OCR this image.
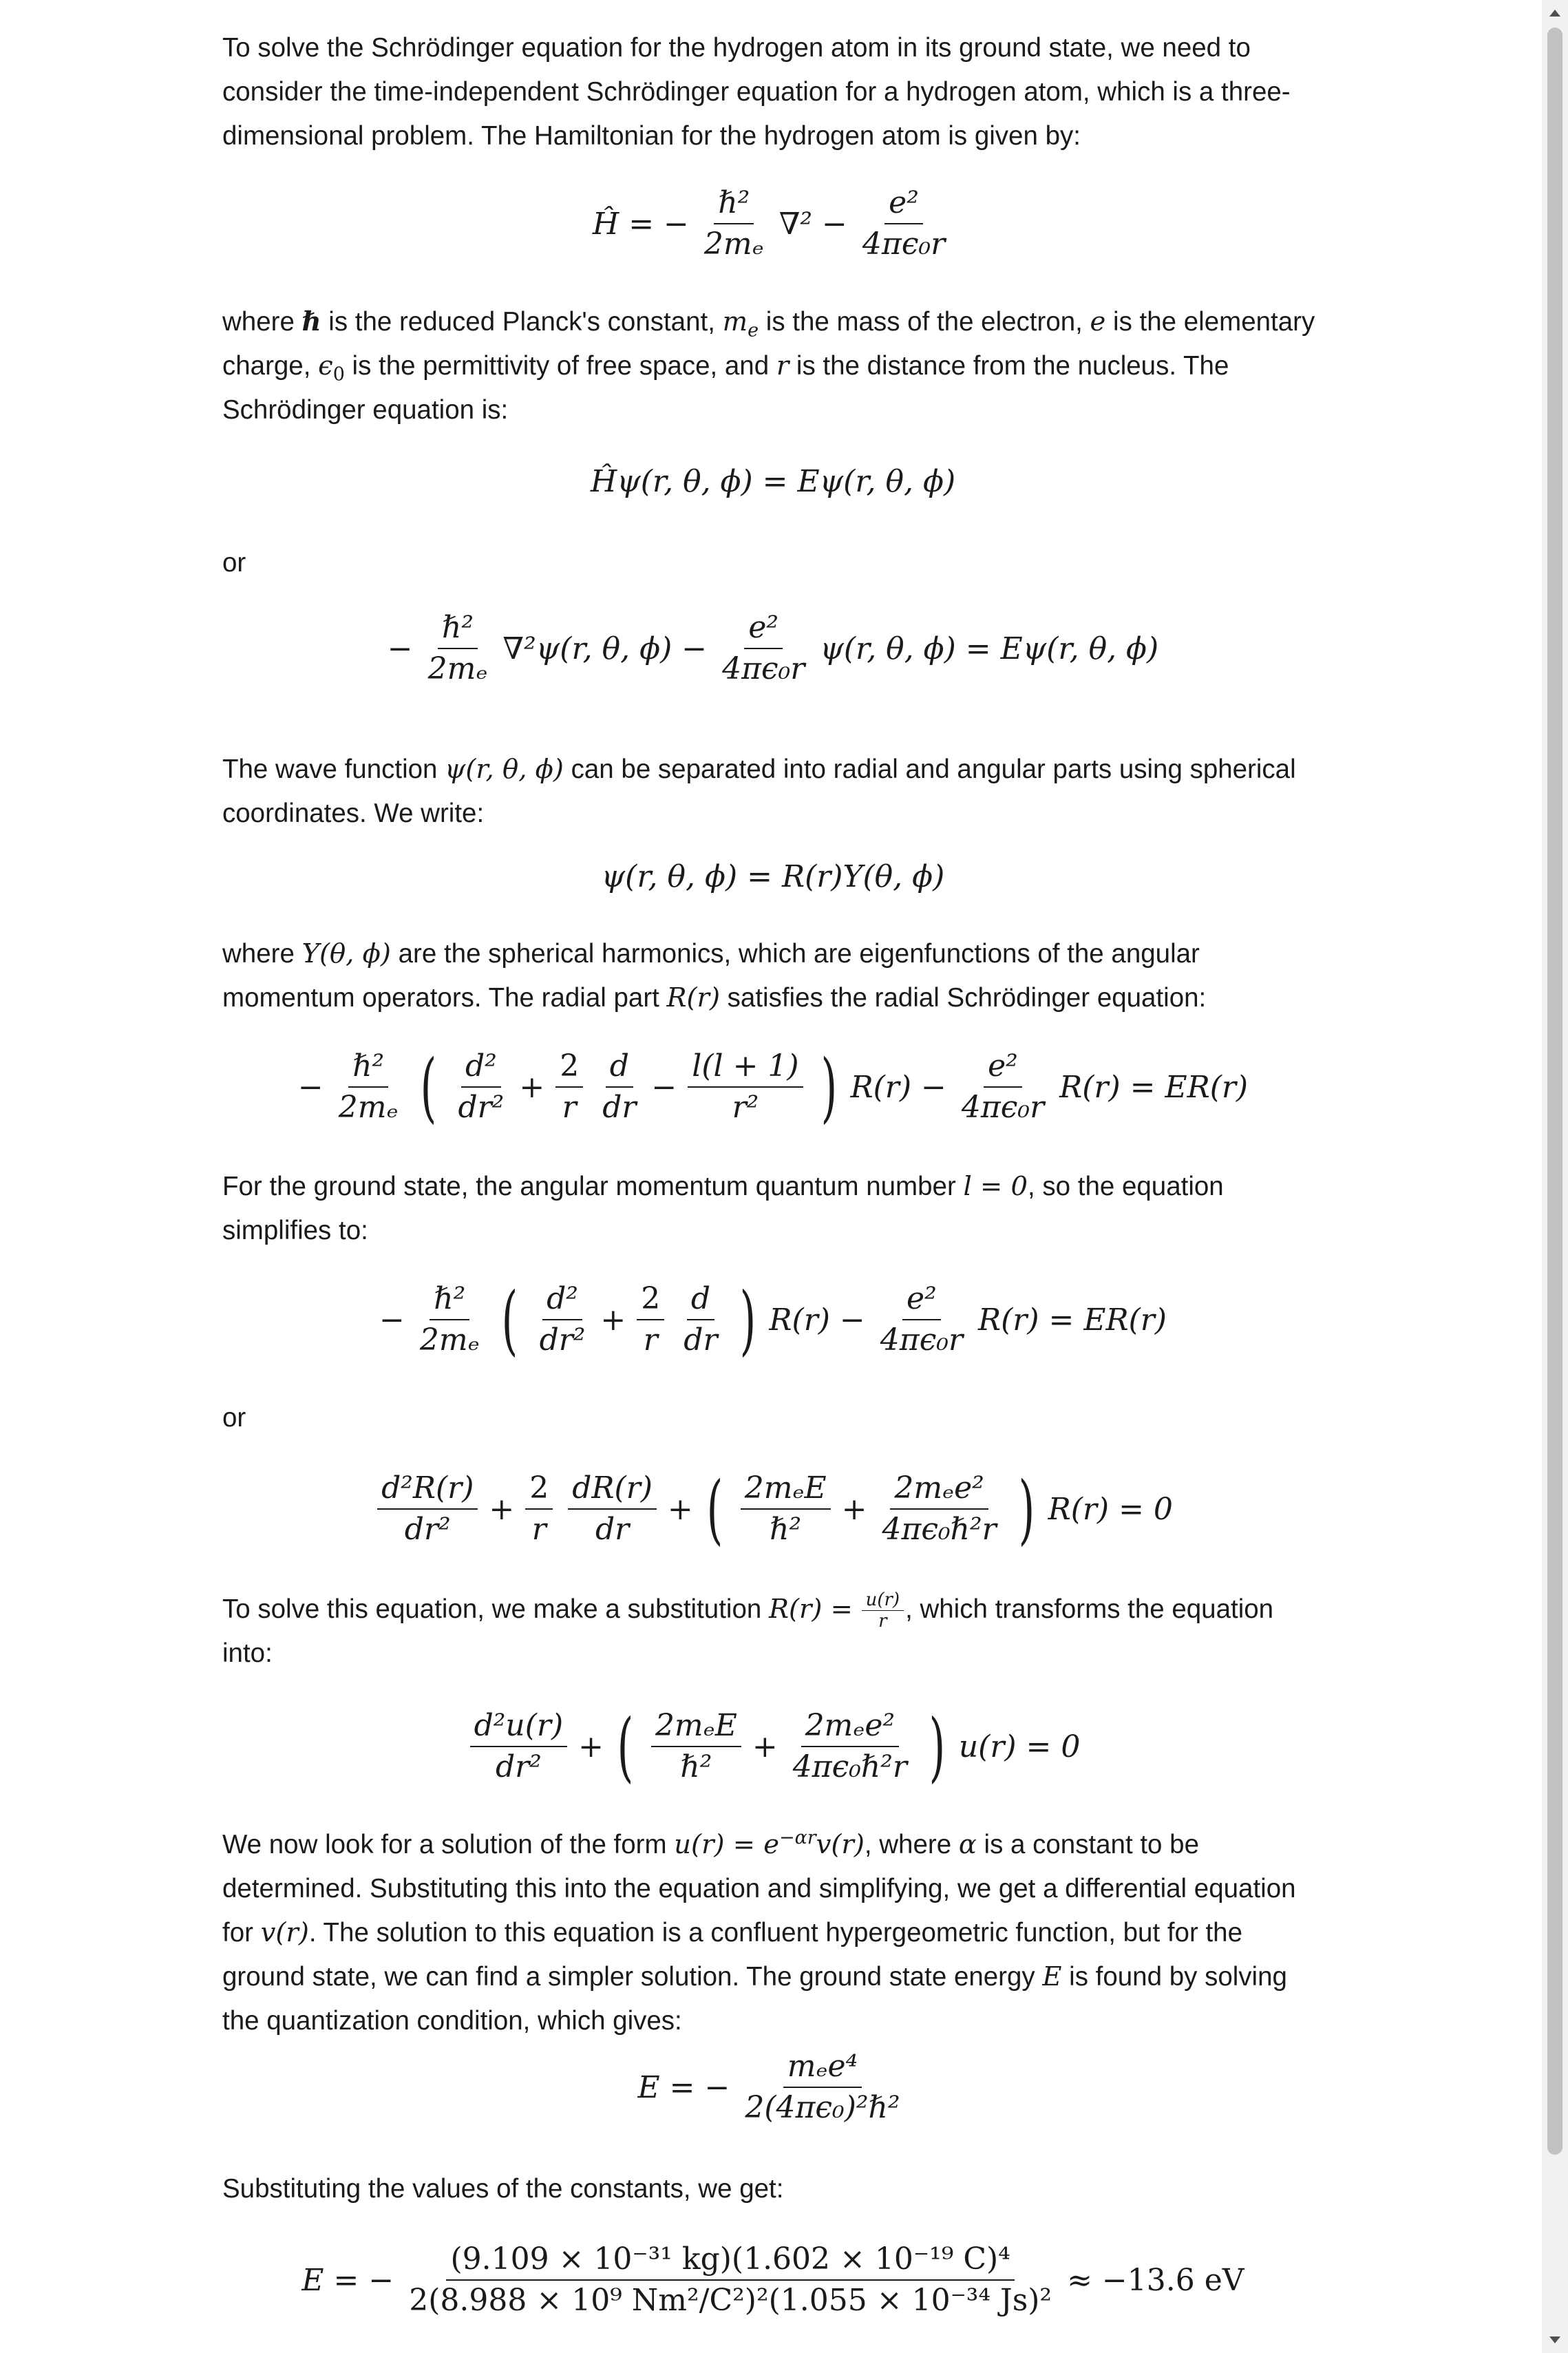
To solve the Schrödinger equation for the hydrogen atom in its ground state, we need to consider the time-independent Schrödinger equation for a hydrogen atom, which is a three-dimensional problem. The Hamiltonian for the hydrogen atom is given by:

Ĥ = − $\frac{\text{ℏ²}}{\text{2mₑ}} \nabla^2 - \frac{\text{e²}}{\text{4πϵ₀r}}$

where ℏ is the reduced Planck's constant, $m_e$ is the mass of the electron, e is the elementary charge, $\epsilon_0$ is the permittivity of free space, and r is the distance from the nucleus. The Schrödinger equation is:

Ĥψ(r, θ, ϕ) = Eψ(r, θ, ϕ)

or

− $\frac{\text{ℏ²}}{\text{2mₑ}} \nabla^2\psi(r$, θ, $\phi) - \frac{\text{e²}}{\text{4πϵ₀r}} \psi(r$, θ, ϕ) = Eψ(r, θ, ϕ)

The wave function ψ(r, θ, ϕ) can be separated into radial and angular parts using spherical coordinates. We write:

ψ(r, θ, ϕ) = R(r)Y(θ, ϕ)

where Y(θ, ϕ) are the spherical harmonics, which are eigenfunctions of the angular momentum operators. The radial part R(r) satisfies the radial Schrödinger equation:

− $\frac{\text{ℏ²}}{\text{2mₑ}}$ ( $\frac{\text{d²}}{\text{dr²}} + \frac{2}{r} \frac{d}{dr} - \frac{l(l + 1)}{\text{r²}}$ ) $R(r) - \frac{\text{e²}}{\text{4πϵ₀r}} R(r) = ER(r)$

For the ground state, the angular momentum quantum number l = 0, so the equation simplifies to:

− $\frac{\text{ℏ²}}{\text{2mₑ}}$ ( $\frac{\text{d²}}{\text{dr²}} + \frac{2}{r} \frac{d}{dr}$ ) $R(r) - \frac{\text{e²}}{\text{4πϵ₀r}} R(r) = ER(r)$

or

$\frac{\text{d²R(r)}}{\text{dr²}} + \frac{2}{r} \frac{dR(r)}{dr}$ + ( $\frac{\text{2mₑE}}{\text{ℏ²}} + \frac{\text{2mₑe²}}{\text{4πϵ₀ℏ²r}}$ ) R(r) = 0

To solve this equation, we make a substitution $R(r) = \frac{u(r)}{r}$ , which transforms the equation into:

$\frac{\text{d²u(r)}}{\text{dr²}}$ + ( $\frac{\text{2mₑE}}{\text{ℏ²}} + \frac{\text{2mₑe²}}{\text{4πϵ₀ℏ²r}}$ ) u(r) = 0

We now look for a solution of the form $u(r) = e^{-\alpha r}v(r)$, where α is a constant to be determined. Substituting this into the equation and simplifying, we get a differential equation for v(r). The solution to this equation is a confluent hypergeometric function, but for the ground state, we can find a simpler solution. The ground state energy E is found by solving the quantization condition, which gives:

E = − $\frac{\text{mₑe⁴}}{\text{2(4πϵ₀)²ℏ²}}$

Substituting the values of the constants, we get:

E = − $\frac{\text{(9.109 × 10⁻³¹ kg)(1.602 × 10⁻¹⁹ C)⁴}}{\text{2(8.988 × 10⁹ Nm²/C²)²(1.055 × 10⁻³⁴ Js)²}} \approx -13.6$ eV
